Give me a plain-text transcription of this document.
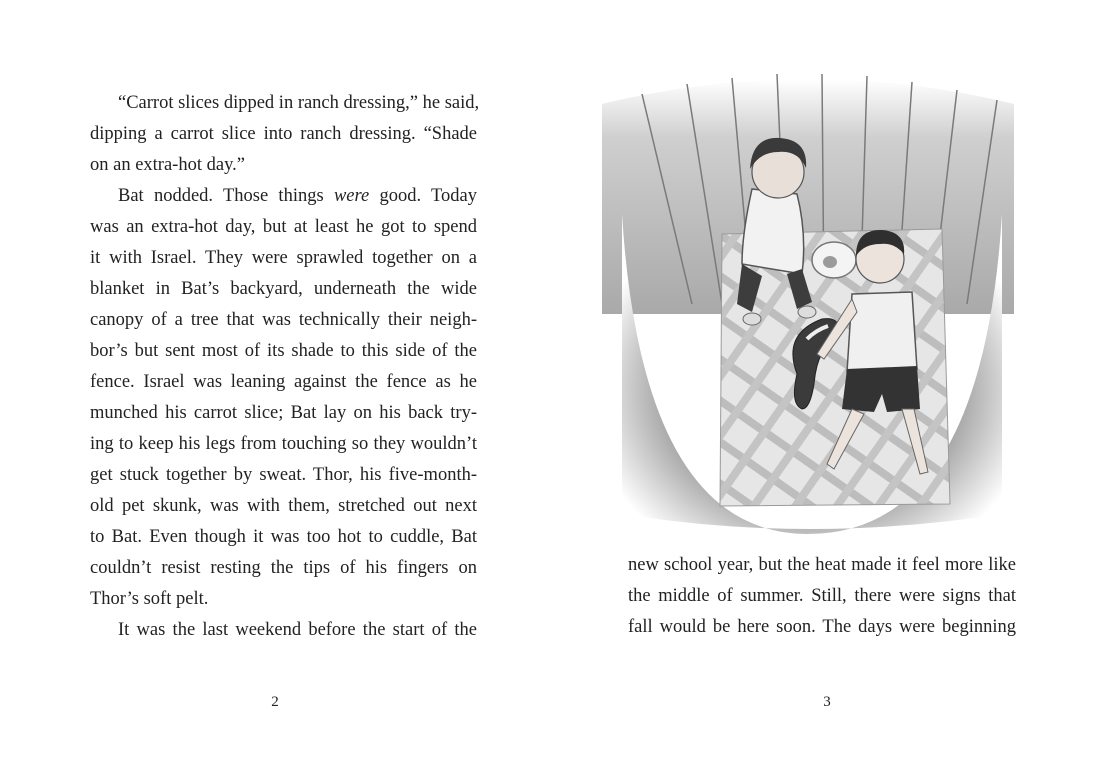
“Carrot slices dipped in ranch dressing,” he said,
dipping a carrot slice into ranch dressing. “Shade
on an extra-hot day.”

Bat nodded. Those things were good. Today
was an extra-hot day, but at least he got to spend
it with Israel. They were sprawled together on a
blanket in Bat’s backyard, underneath the wide
canopy of a tree that was technically their neigh-
bor’s but sent most of its shade to this side of the
fence. Israel was leaning against the fence as he
munched his carrot slice; Bat lay on his back try-
ing to keep his legs from touching so they wouldn’t
get stuck together by sweat. Thor, his five-month-
old pet skunk, was with them, stretched out next
to Bat. Even though it was too hot to cuddle, Bat
couldn’t resist resting the tips of his fingers on
Thor’s soft pelt.

It was the last weekend before the start of the

2

new school year, but the heat made it feel more like
the middle of summer. Still, there were signs that
fall would be here soon. The days were beginning

3
